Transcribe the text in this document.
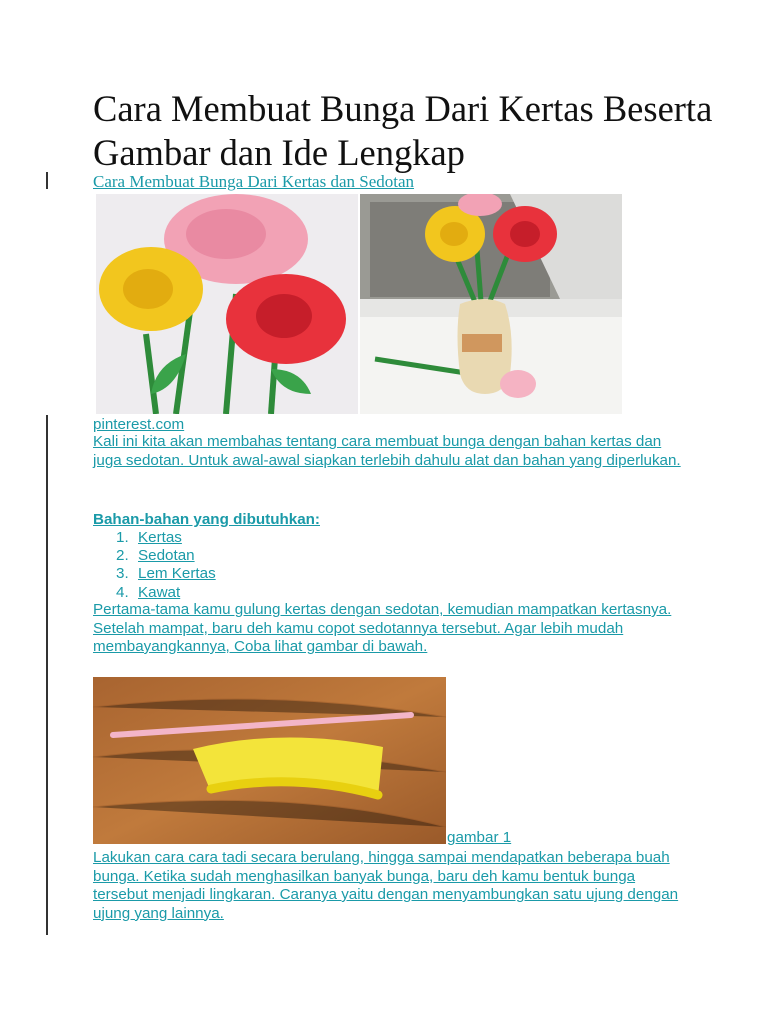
Cara Membuat Bunga Dari Kertas Beserta Gambar dan Ide Lengkap
Cara Membuat Bunga Dari Kertas dan Sedotan
pinterest.com
Kali ini kita akan membahas tentang cara membuat bunga dengan bahan kertas dan juga sedotan. Untuk awal-awal siapkan terlebih dahulu alat dan bahan yang diperlukan.
Bahan-bahan yang dibutuhkan:
1. Kertas
2. Sedotan
3. Lem Kertas
4. Kawat
Pertama-tama kamu gulung kertas dengan sedotan, kemudian mampatkan kertasnya. Setelah mampat, baru deh kamu copot sedotannya tersebut. Agar lebih mudah membayangkannya, Coba lihat gambar di bawah.
gambar 1
Lakukan cara cara tadi secara berulang, hingga sampai mendapatkan beberapa buah bunga. Ketika sudah menghasilkan banyak bunga, baru deh kamu bentuk bunga tersebut menjadi lingkaran. Caranya yaitu dengan menyambungkan satu ujung dengan ujung yang lainnya.
